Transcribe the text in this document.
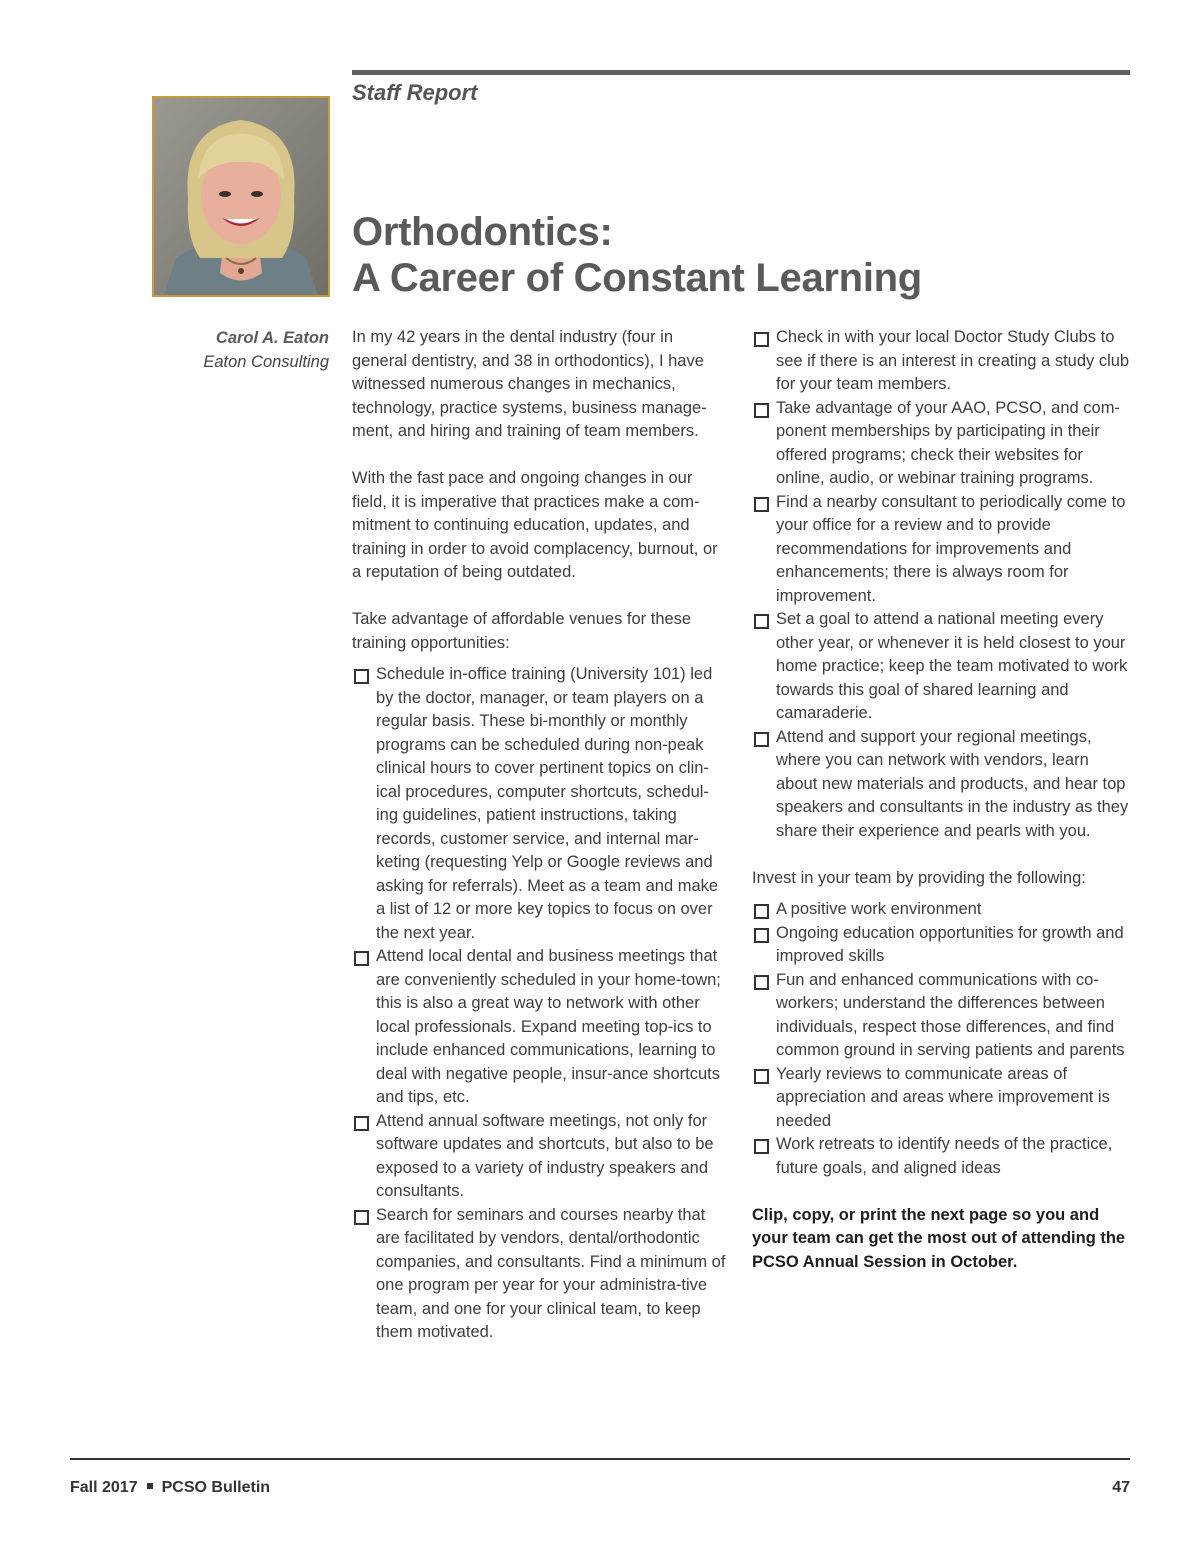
Staff Report
Orthodontics:
A Career of Constant Learning
Carol A. Eaton
Eaton Consulting

In my 42 years in the dental industry (four in general dentistry, and 38 in orthodontics), I have witnessed numerous changes in mechanics, technology, practice systems, business manage-ment, and hiring and training of team members.

With the fast pace and ongoing changes in our field, it is imperative that practices make a com-mitment to continuing education, updates, and training in order to avoid complacency, burnout, or a reputation of being outdated.

Take advantage of affordable venues for these training opportunities:

Schedule in-office training (University 101) led by the doctor, manager, or team players on a regular basis. These bi-monthly or monthly programs can be scheduled during non-peak clinical hours to cover pertinent topics on clin-ical procedures, computer shortcuts, schedul-ing guidelines, patient instructions, taking records, customer service, and internal mar-keting (requesting Yelp or Google reviews and asking for referrals). Meet as a team and make a list of 12 or more key topics to focus on over the next year.
Attend local dental and business meetings that are conveniently scheduled in your home-town; this is also a great way to network with other local professionals. Expand meeting top-ics to include enhanced communications, learning to deal with negative people, insur-ance shortcuts and tips, etc.
Attend annual software meetings, not only for software updates and shortcuts, but also to be exposed to a variety of industry speakers and consultants.
Search for seminars and courses nearby that are facilitated by vendors, dental/orthodontic companies, and consultants. Find a minimum of one program per year for your administra-tive team, and one for your clinical team, to keep them motivated.
Check in with your local Doctor Study Clubs to see if there is an interest in creating a study club for your team members.
Take advantage of your AAO, PCSO, and com-ponent memberships by participating in their offered programs; check their websites for online, audio, or webinar training programs.
Find a nearby consultant to periodically come to your office for a review and to provide recommendations for improvements and enhancements; there is always room for improvement.
Set a goal to attend a national meeting every other year, or whenever it is held closest to your home practice; keep the team motivated to work towards this goal of shared learning and camaraderie.
Attend and support your regional meetings, where you can network with vendors, learn about new materials and products, and hear top speakers and consultants in the industry as they share their experience and pearls with you.

Invest in your team by providing the following:

A positive work environment
Ongoing education opportunities for growth and improved skills
Fun and enhanced communications with co-workers; understand the differences between individuals, respect those differences, and find common ground in serving patients and parents
Yearly reviews to communicate areas of appreciation and areas where improvement is needed
Work retreats to identify needs of the practice, future goals, and aligned ideas

Clip, copy, or print the next page so you and your team can get the most out of attending the PCSO Annual Session in October.

Fall 2017 PCSO Bulletin	47
